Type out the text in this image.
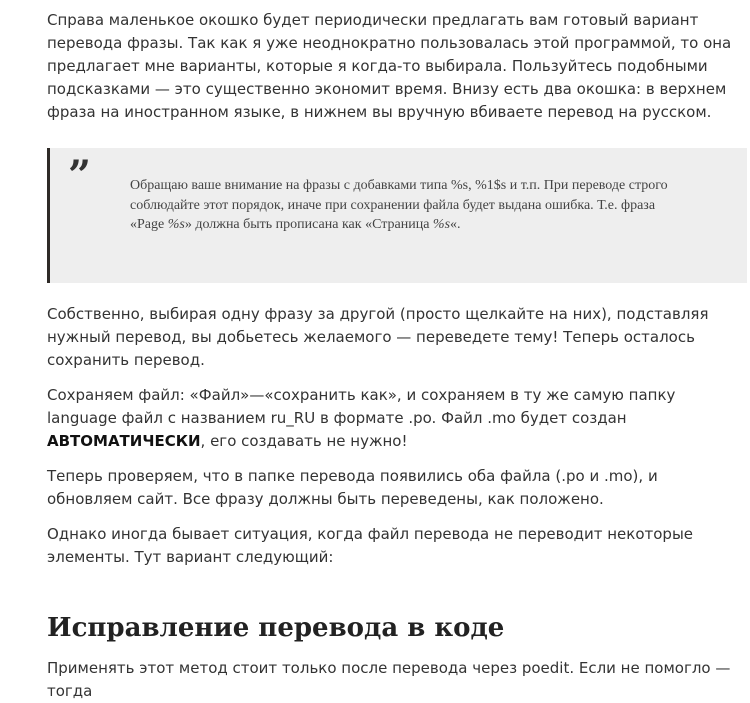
Справа маленькое окошко будет периодически предлагать вам готовый вариант перевода фразы. Так как я уже неоднократно пользовалась этой программой, то она предлагает мне варианты, которые я когда-то выбирала. Пользуйтесь подобными подсказками — это существенно экономит время. Внизу есть два окошка: в верхнем фраза на иностранном языке, в нижнем вы вручную вбиваете перевод на русском.

”	Обращаю ваше внимание на фразы с добавками типа %s, %1$s и т.п. При переводе строго соблюдайте этот порядок, иначе при сохранении файла будет выдана ошибка. Т.е. фраза «Page %s» должна быть прописана как «Страница %s«.

Собственно, выбирая одну фразу за другой (просто щелкайте на них), подставляя нужный перевод, вы добьетесь желаемого — переведете тему! Теперь осталось сохранить перевод.

Сохраняем файл: «Файл»—«сохранить как», и сохраняем в ту же самую папку language файл с названием ru_RU в формате .po. Файл .mo будет создан АВТОМАТИЧЕСКИ, его создавать не нужно!

Теперь проверяем, что в папке перевода появились оба файла (.po и .mo), и обновляем сайт. Все фразу должны быть переведены, как положено.

Однако иногда бывает ситуация, когда файл перевода не переводит некоторые элементы. Тут вариант следующий:

Исправление перевода в коде

Применять этот метод стоит только после перевода через poedit. Если не помогло — тогда
